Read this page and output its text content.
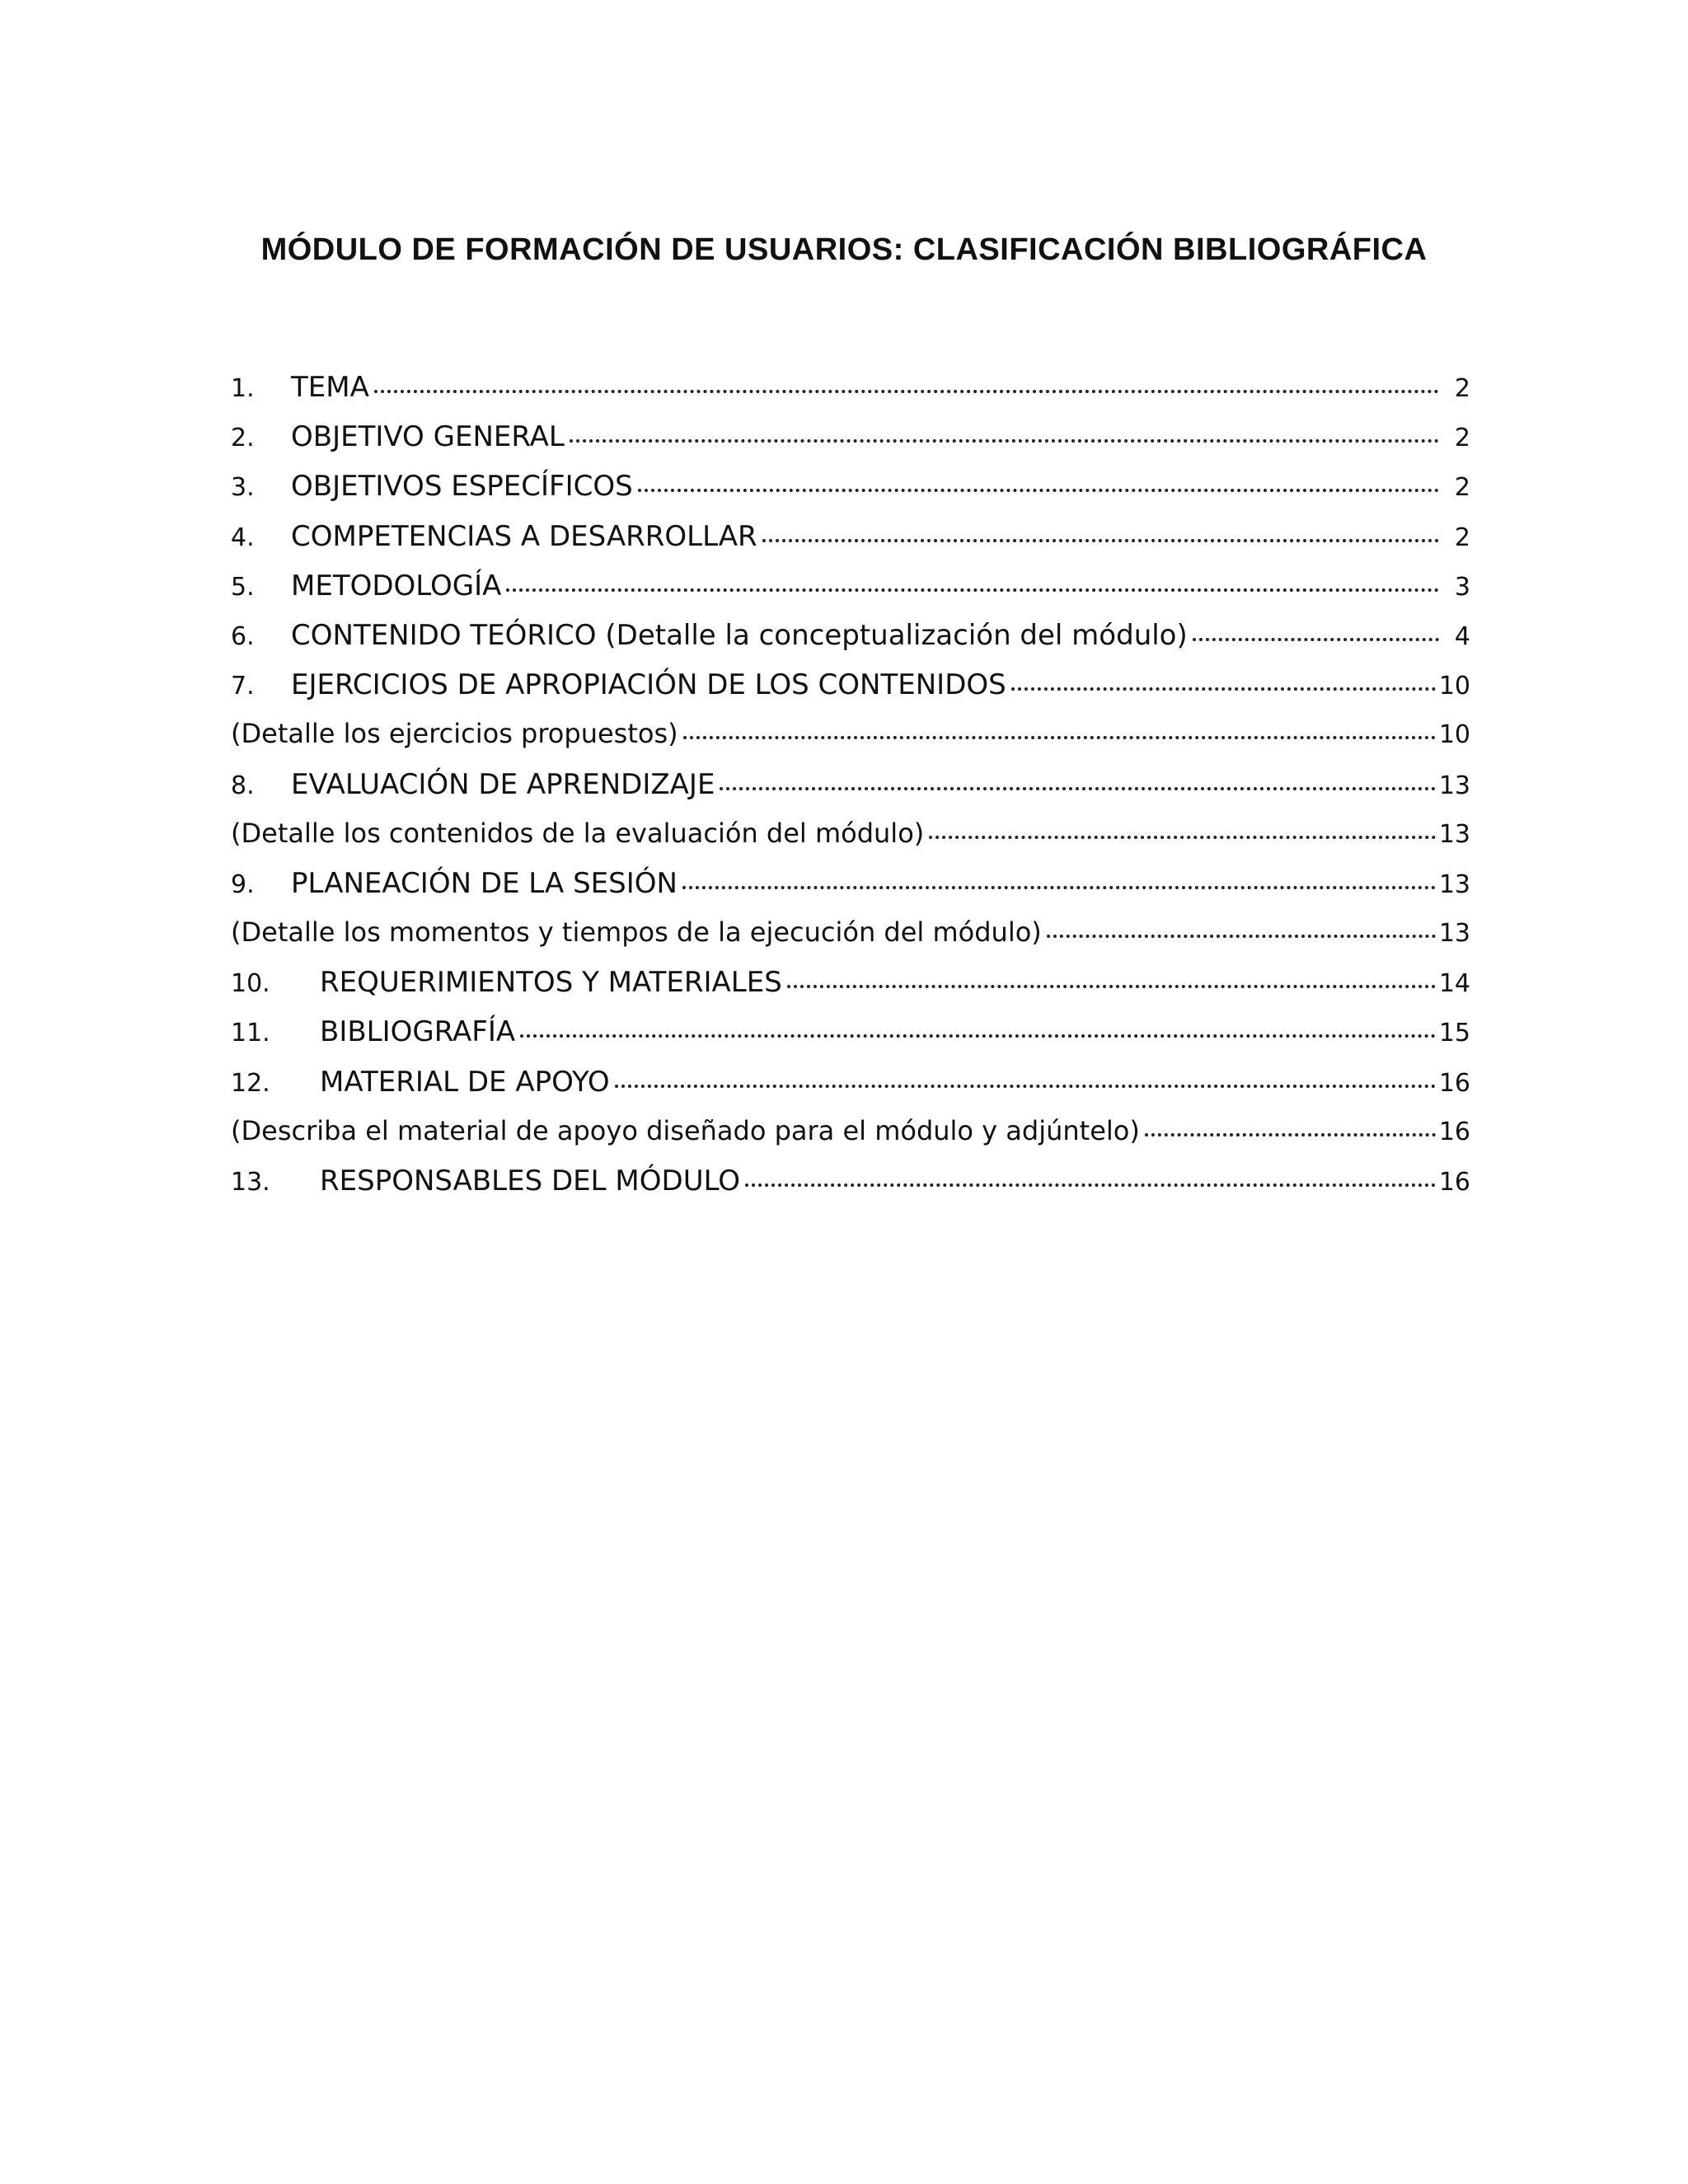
MÓDULO DE FORMACIÓN DE USUARIOS: CLASIFICACIÓN BIBLIOGRÁFICA
1.	TEMA	2
2.	OBJETIVO GENERAL	2
3.	OBJETIVOS ESPECÍFICOS	2
4.	COMPETENCIAS A DESARROLLAR	2
5.	METODOLOGÍA	3
6.	CONTENIDO TEÓRICO (Detalle la conceptualización del módulo)	4
7.	EJERCICIOS DE APROPIACIÓN DE LOS CONTENIDOS	10
(Detalle los ejercicios propuestos)	10
8.	EVALUACIÓN DE APRENDIZAJE	13
(Detalle los contenidos de la evaluación del módulo)	13
9.	PLANEACIÓN DE LA SESIÓN	13
(Detalle los momentos y tiempos de la ejecución del módulo)	13
10.	REQUERIMIENTOS Y MATERIALES	14
11.	BIBLIOGRAFÍA	15
12.	MATERIAL DE APOYO	16
(Describa el material de apoyo diseñado para el módulo y adjúntelo)	16
13.	RESPONSABLES DEL MÓDULO	16
